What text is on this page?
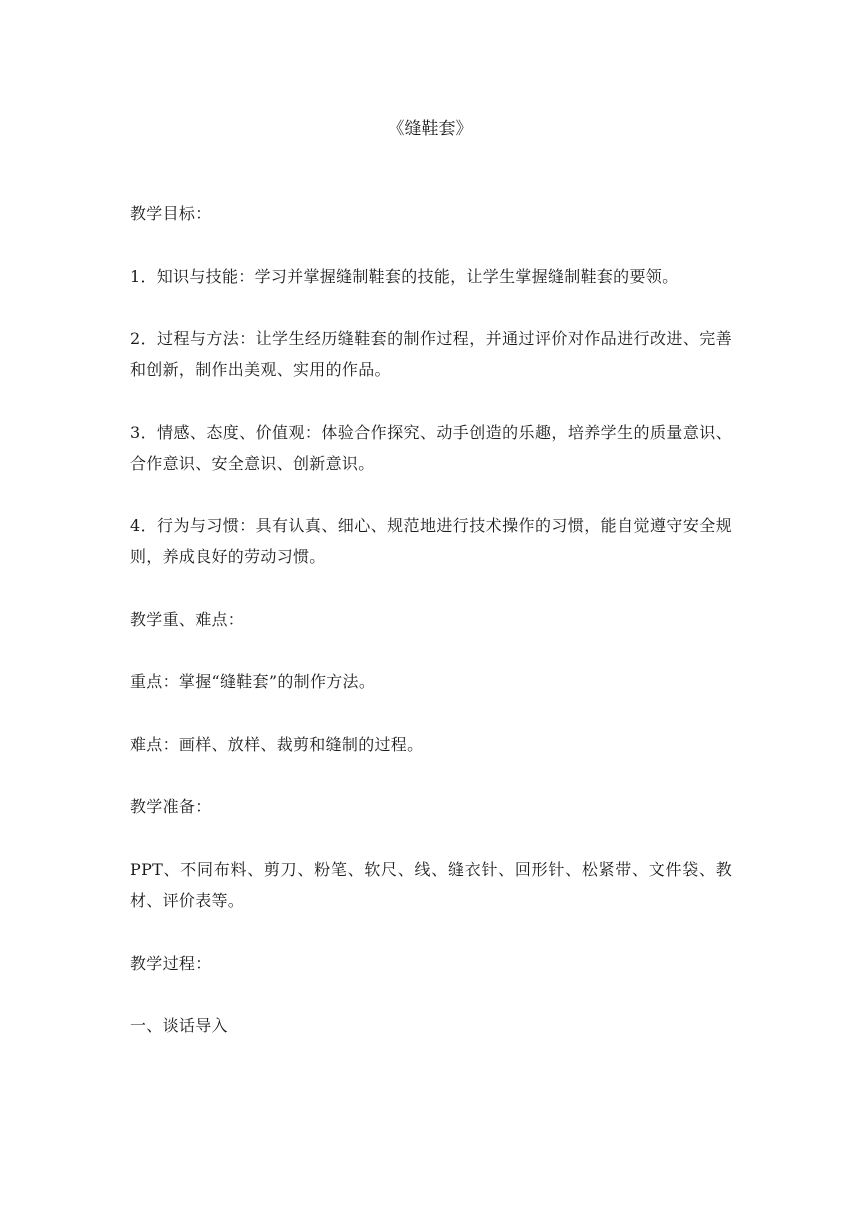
《缝鞋套》

教学目标：

1．知识与技能：学习并掌握缝制鞋套的技能，让学生掌握缝制鞋套的要领。

2．过程与方法：让学生经历缝鞋套的制作过程，并通过评价对作品进行改进、完善和创新，制作出美观、实用的作品。

3．情感、态度、价值观：体验合作探究、动手创造的乐趣，培养学生的质量意识、合作意识、安全意识、创新意识。

4．行为与习惯：具有认真、细心、规范地进行技术操作的习惯，能自觉遵守安全规则，养成良好的劳动习惯。

教学重、难点：

重点：掌握“缝鞋套”的制作方法。

难点：画样、放样、裁剪和缝制的过程。

教学准备：

PPT、不同布料、剪刀、粉笔、软尺、线、缝衣针、回形针、松紧带、文件袋、教材、评价表等。

教学过程：

一、谈话导入
